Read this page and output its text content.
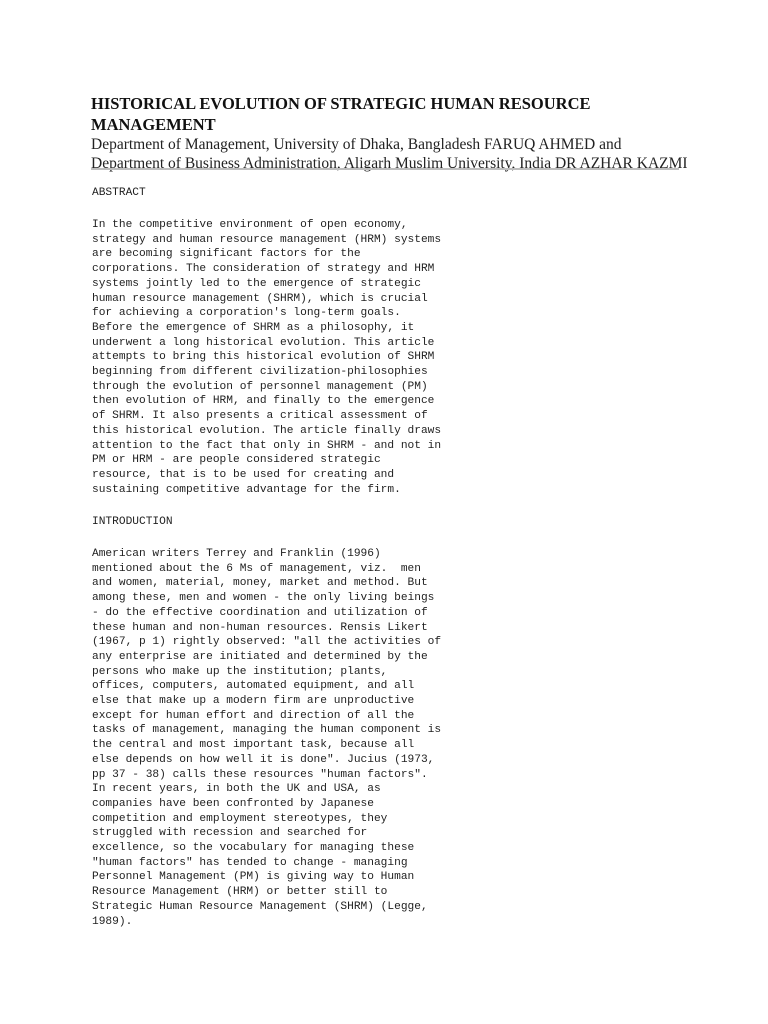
HISTORICAL EVOLUTION OF STRATEGIC HUMAN RESOURCE
MANAGEMENT
Department of Management, University of Dhaka, Bangladesh FARUQ AHMED and
Department of Business Administration, Aligarh Muslim University, India DR AZHAR KAZMI
ABSTRACT
In the competitive environment of open economy,
strategy and human resource management (HRM) systems
are becoming significant factors for the
corporations. The consideration of strategy and HRM
systems jointly led to the emergence of strategic
human resource management (SHRM), which is crucial
for achieving a corporation's long-term goals.
Before the emergence of SHRM as a philosophy, it
underwent a long historical evolution. This article
attempts to bring this historical evolution of SHRM
beginning from different civilization-philosophies
through the evolution of personnel management (PM)
then evolution of HRM, and finally to the emergence
of SHRM. It also presents a critical assessment of
this historical evolution. The article finally draws
attention to the fact that only in SHRM - and not in
PM or HRM - are people considered strategic
resource, that is to be used for creating and
sustaining competitive advantage for the firm.
INTRODUCTION
American writers Terrey and Franklin (1996)
mentioned about the 6 Ms of management, viz.  men
and women, material, money, market and method. But
among these, men and women - the only living beings
- do the effective coordination and utilization of
these human and non-human resources. Rensis Likert
(1967, p 1) rightly observed: "all the activities of
any enterprise are initiated and determined by the
persons who make up the institution; plants,
offices, computers, automated equipment, and all
else that make up a modern firm are unproductive
except for human effort and direction of all the
tasks of management, managing the human component is
the central and most important task, because all
else depends on how well it is done". Jucius (1973,
pp 37 - 38) calls these resources "human factors".
In recent years, in both the UK and USA, as
companies have been confronted by Japanese
competition and employment stereotypes, they
struggled with recession and searched for
excellence, so the vocabulary for managing these
"human factors" has tended to change - managing
Personnel Management (PM) is giving way to Human
Resource Management (HRM) or better still to
Strategic Human Resource Management (SHRM) (Legge,
1989).
